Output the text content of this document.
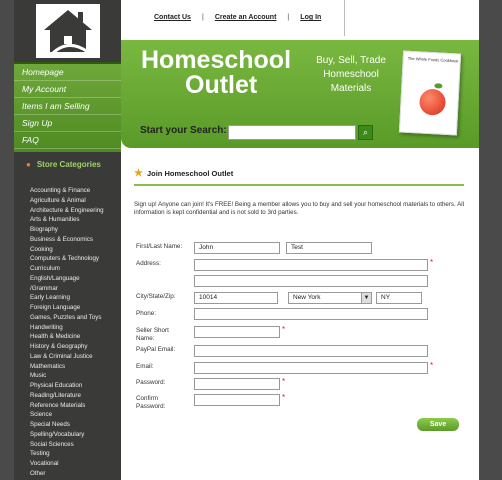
Homepage
My Account
Items I am Selling
Sign Up
FAQ
● Store Categories
Accounting & Finance
Agriculture & Animal
Architecture & Engineering
Arts & Humanities
Biography
Business & Economics
Cooking
Computers & Technology
Curriculum
English/Language
/Grammar
Early Learning
Foreign Language
Games, Puzzles and Toys
Handwriting
Health & Medicine
History & Geography
Law & Criminal Justice
Mathematics
Music
Physical Education
Reading/Literature
Reference Materials
Science
Special Needs
Spelling/Vocabulary
Social Sciences
Testing
Vocational
Other
Contact Us | Create an Account | Log In
Homeschool
Outlet
Buy, Sell, Trade Homeschool Materials
The Whole Foods Cookbook
Start your Search:	⌕
★ Join Homeschool Outlet
Sign up! Anyone can join! It's FREE! Being a member allows you to buy and sell your homeschool materials to others. All information is kept confidential and is not sold to 3rd parties.
First/Last Name:	John	Test
Address:	*
City/State/Zip:	10014	New York	▼	NY
Phone:
Seller Short
Name:
*
PayPal Email:
Email:	*
Password:	*
Confirm
Password:
*
Save
